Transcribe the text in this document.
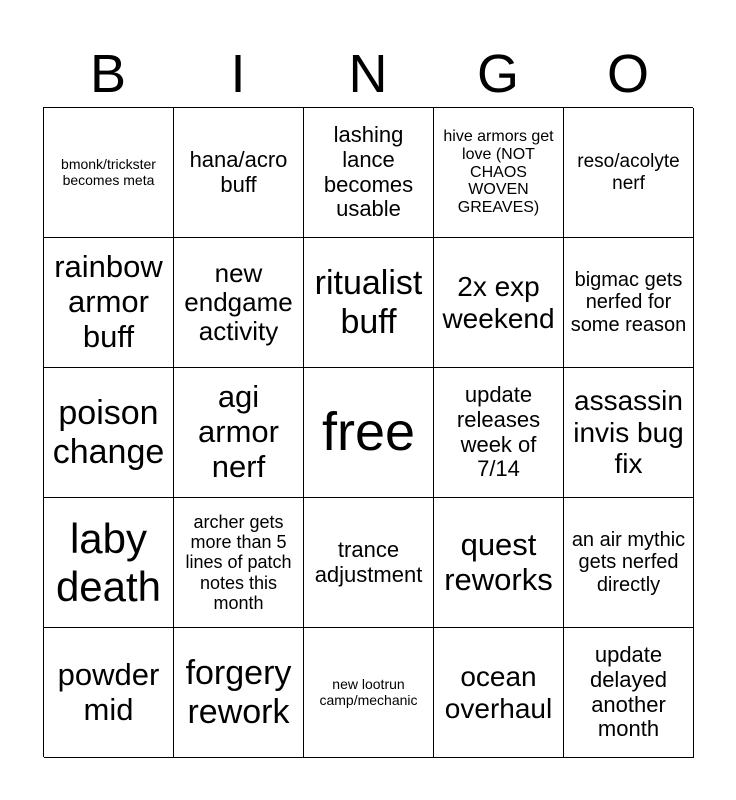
B	I	N	G	O
bmonk/trickster becomes meta
hana/acro buff
lashing lance becomes usable
hive armors get love (NOT CHAOS WOVEN GREAVES)
reso/acolyte nerf
rainbow armor buff
new endgame activity
ritualist buff
2x exp weekend
bigmac gets nerfed for some reason
poison change
agi armor nerf
free
update releases week of 7/14
assassin invis bug fix
laby death
archer gets more than 5 lines of patch notes this month
trance adjustment
quest reworks
an air mythic gets nerfed directly
powder mid
forgery rework
new lootrun camp/mechanic
ocean overhaul
update delayed another month
